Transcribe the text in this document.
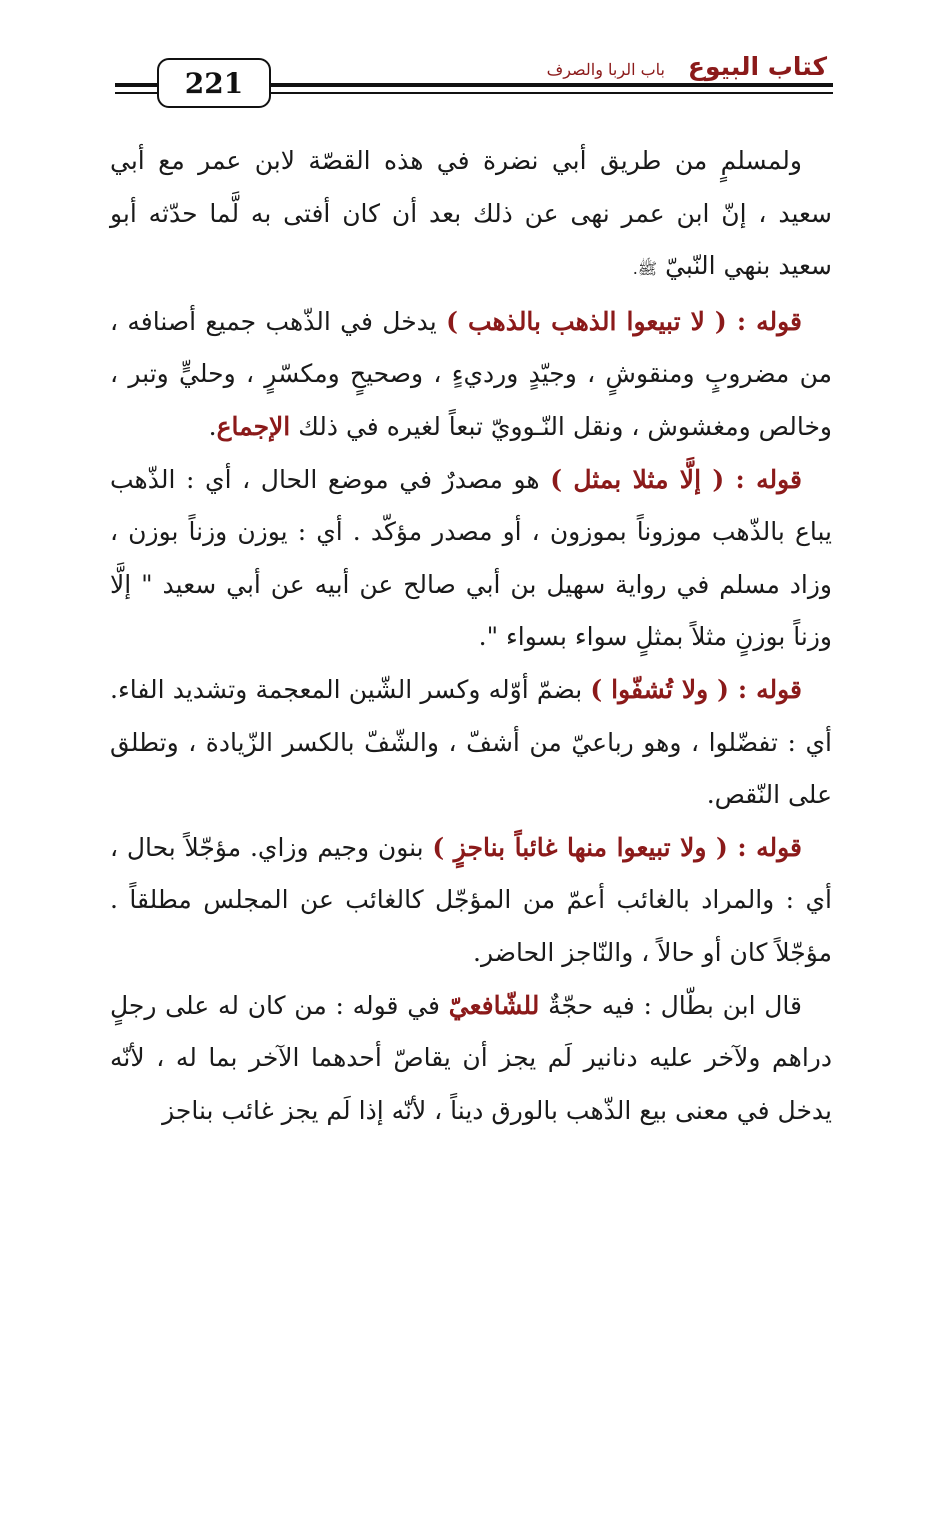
221	كتاب البيوع
باب الربا والصرف

ولمسلمٍ من طريق أبي نضرة في هذه القصّة لابن عمر مع أبي سعيد ، إنّ ابن عمر نهى عن ذلك بعد أن كان أفتى به لَّما حدّثه أبو سعيد بنهي النّبيّ ﷺ.

قوله : ( لا تبيعوا الذهب بالذهب ) يدخل في الذّهب جميع أصنافه ، من مضروبٍ ومنقوشٍ ، وجيّدٍ ورديءٍ ، وصحيحٍ ومكسّرٍ ، وحليٍّ وتبر ، وخالص ومغشوش ، ونقل النّـوويّ تبعاً لغيره في ذلك الإجماع.

قوله : ( إلَّا مثلا بمثل ) هو مصدرٌ في موضع الحال ، أي : الذّهب يباع بالذّهب موزوناً بموزون ، أو مصدر مؤكّد . أي : يوزن وزناً بوزن ، وزاد مسلم في رواية سهيل بن أبي صالح عن أبيه عن أبي سعيد " إلَّا وزناً بوزنٍ مثلاً بمثلٍ سواء بسواء ".

قوله : ( ولا تُشفّوا ) بضمّ أوّله وكسر الشّين المعجمة وتشديد الفاء. أي : تفضّلوا ، وهو رباعيّ من أشفّ ، والشّفّ بالكسر الزّيادة ، وتطلق على النّقص.

قوله : ( ولا تبيعوا منها غائباً بناجزٍ ) بنون وجيم وزاي. مؤجّلاً بحال ، أي : والمراد بالغائب أعمّ من المؤجّل كالغائب عن المجلس مطلقاً . مؤجّلاً كان أو حالاً ، والنّاجز الحاضر.

قال ابن بطّال : فيه حجّةٌ للشّافعيّ في قوله : من كان له على رجلٍ دراهم ولآخر عليه دنانير لَم يجز أن يقاصّ أحدهما الآخر بما له ، لأنّه يدخل في معنى بيع الذّهب بالورق ديناً ، لأنّه إذا لَم يجز غائب بناجز
